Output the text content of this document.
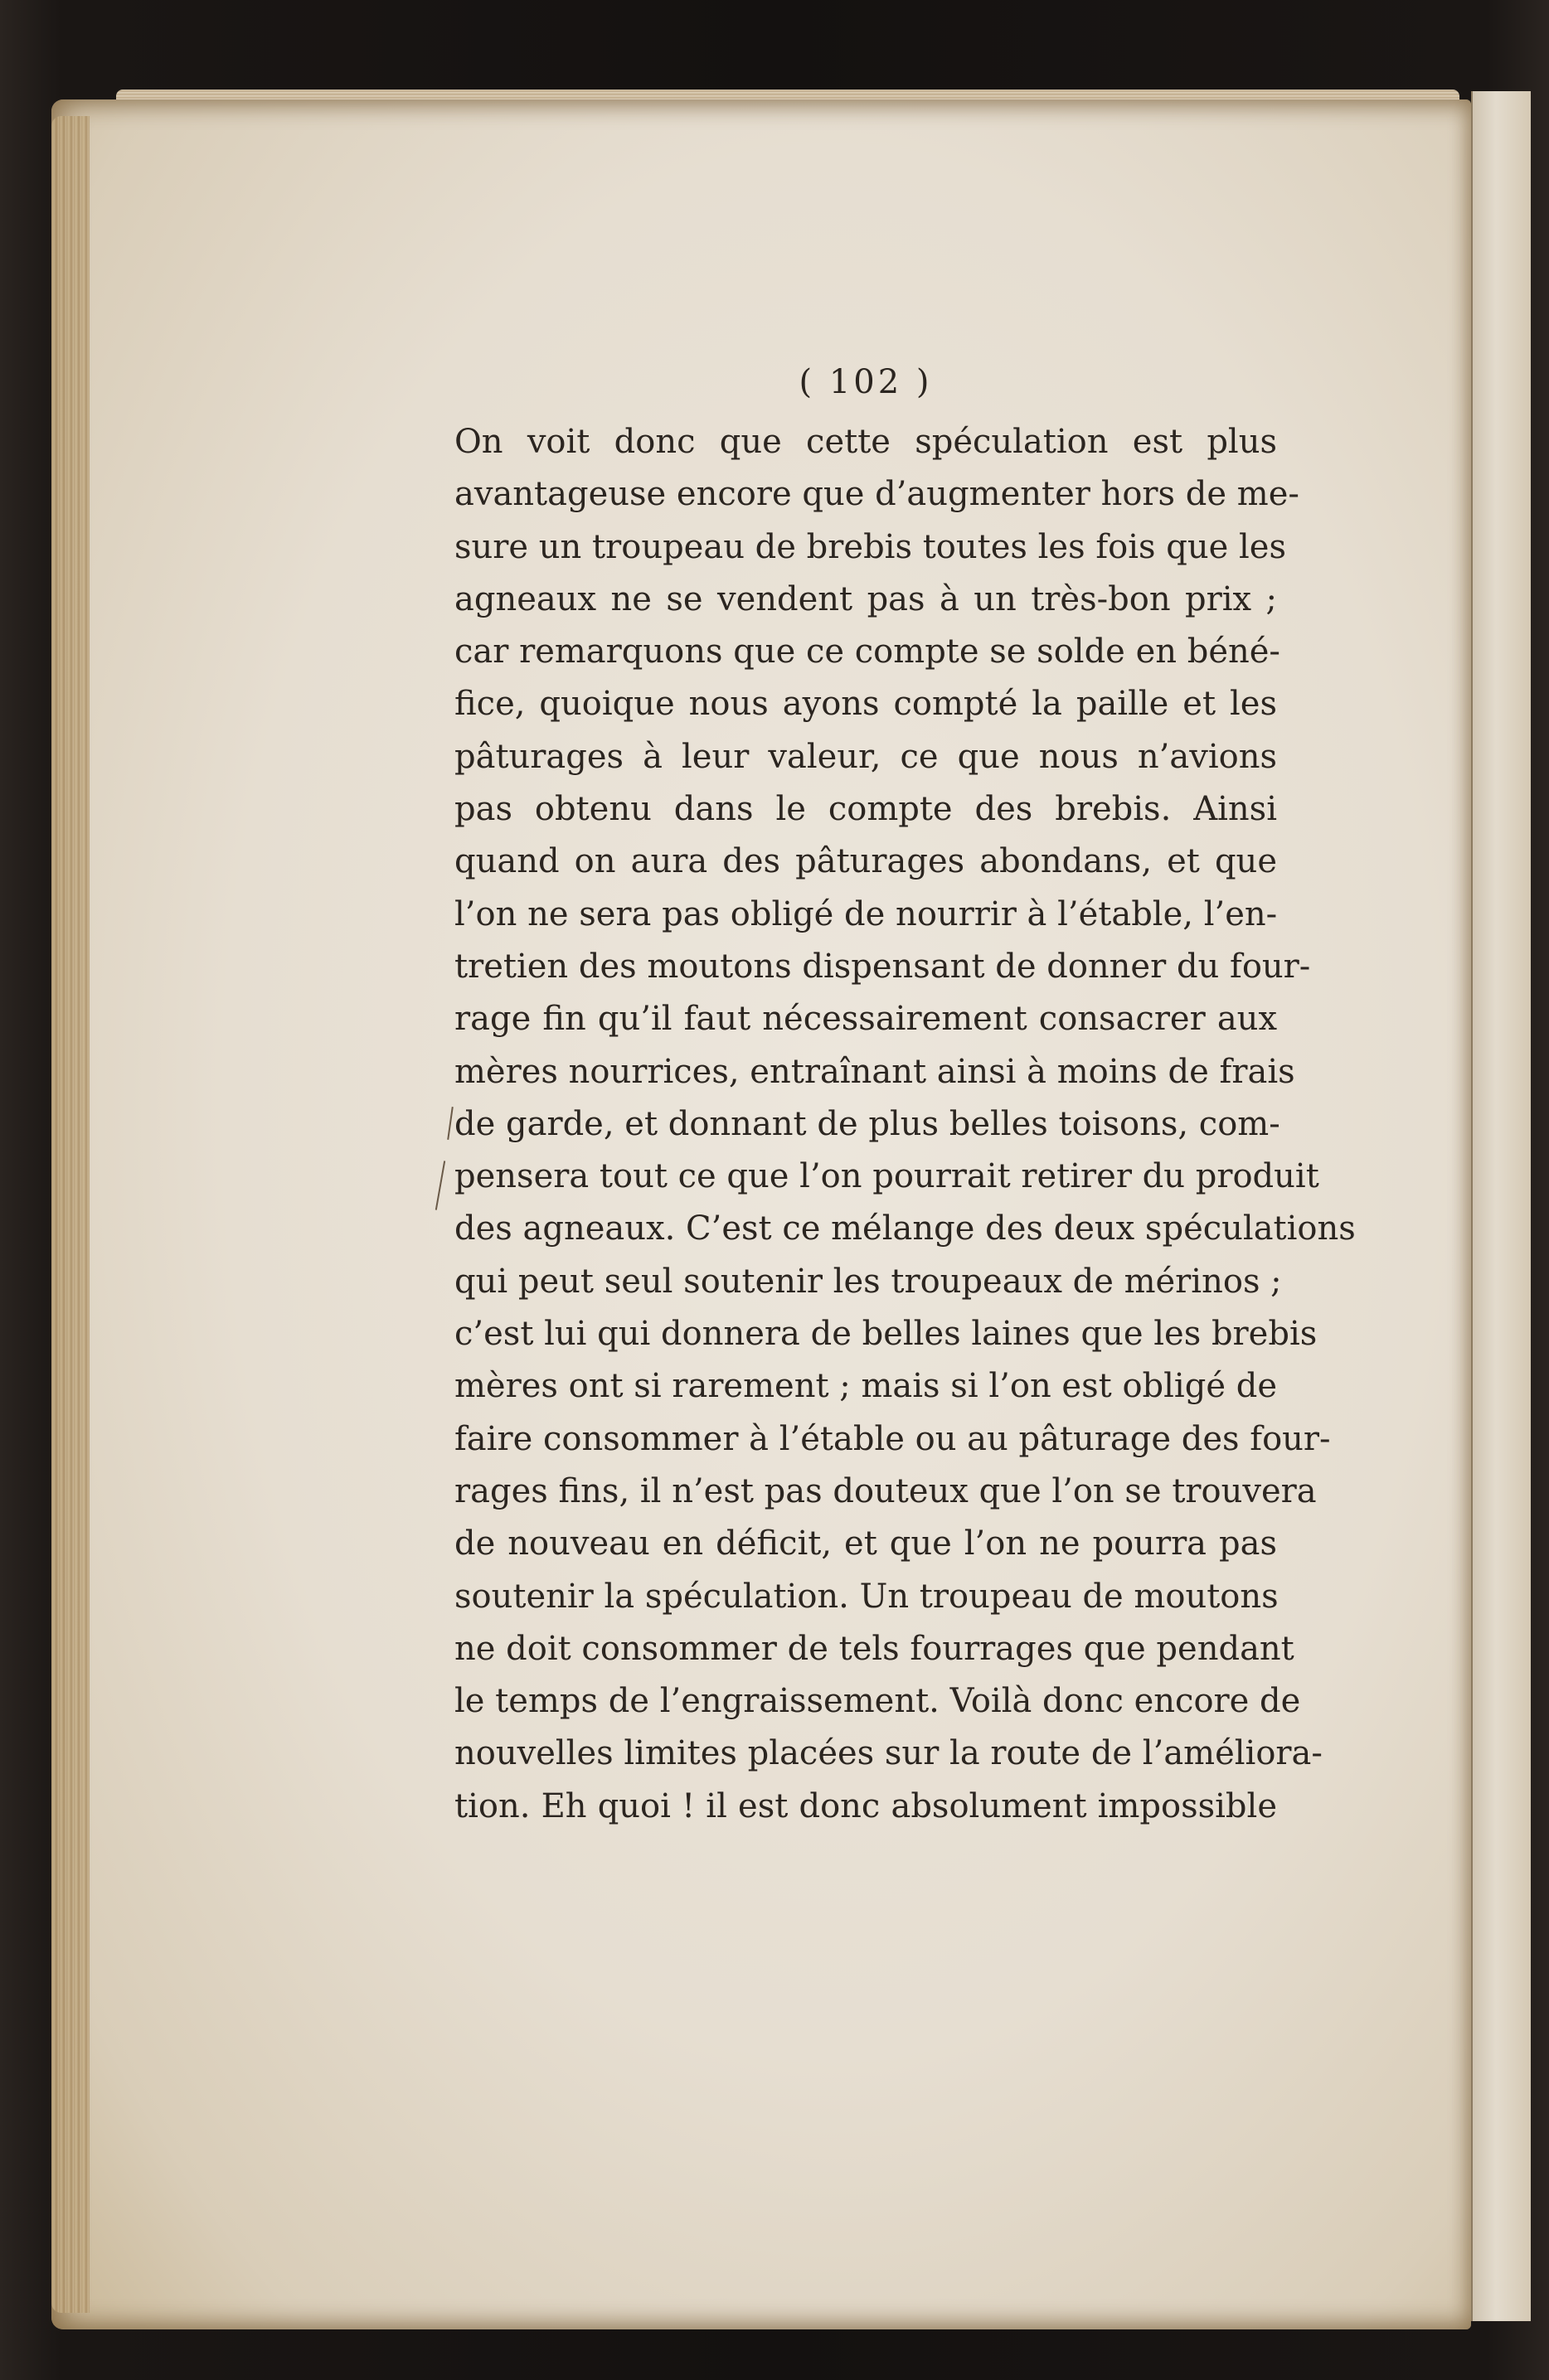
( 102 )
On voit donc que cette spéculation est plus
avantageuse encore que d’augmenter hors de me-
sure un troupeau de brebis toutes les fois que les
agneaux ne se vendent pas à un très-bon prix ;
car remarquons que ce compte se solde en béné-
fice, quoique nous ayons compté la paille et les
pâturages à leur valeur, ce que nous n’avions
pas obtenu dans le compte des brebis. Ainsi
quand on aura des pâturages abondans, et que
l’on ne sera pas obligé de nourrir à l’étable, l’en-
tretien des moutons dispensant de donner du four-
rage fin qu’il faut nécessairement consacrer aux
mères nourrices, entraînant ainsi à moins de frais
de garde, et donnant de plus belles toisons, com-
pensera tout ce que l’on pourrait retirer du produit
des agneaux. C’est ce mélange des deux spéculations
qui peut seul soutenir les troupeaux de mérinos ;
c’est lui qui donnera de belles laines que les brebis
mères ont si rarement ; mais si l’on est obligé de
faire consommer à l’étable ou au pâturage des four-
rages fins, il n’est pas douteux que l’on se trouvera
de nouveau en déficit, et que l’on ne pourra pas
soutenir la spéculation. Un troupeau de moutons
ne doit consommer de tels fourrages que pendant
le temps de l’engraissement. Voilà donc encore de
nouvelles limites placées sur la route de l’améliora-
tion. Eh quoi ! il est donc absolument impossible
